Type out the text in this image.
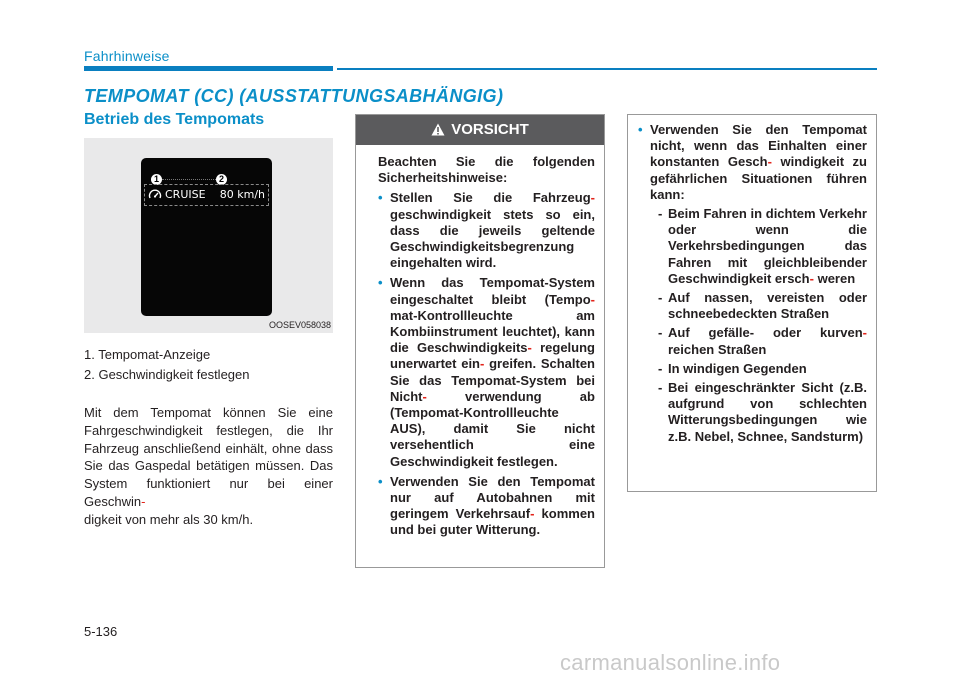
Fahrhinweise
TEMPOMAT (CC) (AUSSTATTUNGSABHÄNGIG)
Betrieb des Tempomats
1	2
CRUISE 80 km/h
OOSEV058038

1. Tempomat-Anzeige

2. Geschwindigkeit festlegen

Mit dem Tempomat können Sie eine Fahrgeschwindigkeit festlegen, die Ihr Fahrzeug anschließend einhält, ohne dass Sie das Gaspedal betätigen müssen. Das System funktioniert nur bei einer Geschwin-
digkeit von mehr als 30 km/h.
VORSICHT

Beachten Sie die folgenden Sicherheitshinweise:

• Stellen Sie die Fahrzeug- geschwindigkeit stets so ein, dass die jeweils geltende Geschwindigkeitsbegrenzung eingehalten wird.
• Wenn das Tempomat-System eingeschaltet bleibt (Tempo- mat-Kontrollleuchte am Kombiinstrument leuchtet), kann die Geschwindigkeits- regelung unerwartet ein- greifen. Schalten Sie das Tempomat-System bei Nicht-	verwendung ab (Tempomat-Kontrollleuchte AUS), damit Sie nicht versehentlich eine Geschwindigkeit festlegen.
• Verwenden Sie den Tempomat nur auf Autobahnen mit geringem Verkehrsauf- kommen und bei guter Witterung.
• Verwenden Sie den Tempomat nicht, wenn das Einhalten einer konstanten Gesch- windigkeit zu gefährlichen Situationen führen kann:
- Beim Fahren in dichtem Verkehr oder wenn die Verkehrsbedingungen das Fahren mit gleichbleibender Geschwindigkeit ersch- weren
- Auf nassen, vereisten oder schneebedeckten Straßen
- Auf gefälle- oder kurven- reichen Straßen
- In windigen Gegenden
- Bei eingeschränkter Sicht (z.B. aufgrund von schlechten Witterungsbedingungen wie z.B. Nebel, Schnee, Sandsturm)
5-136
carmanualsonline.info
